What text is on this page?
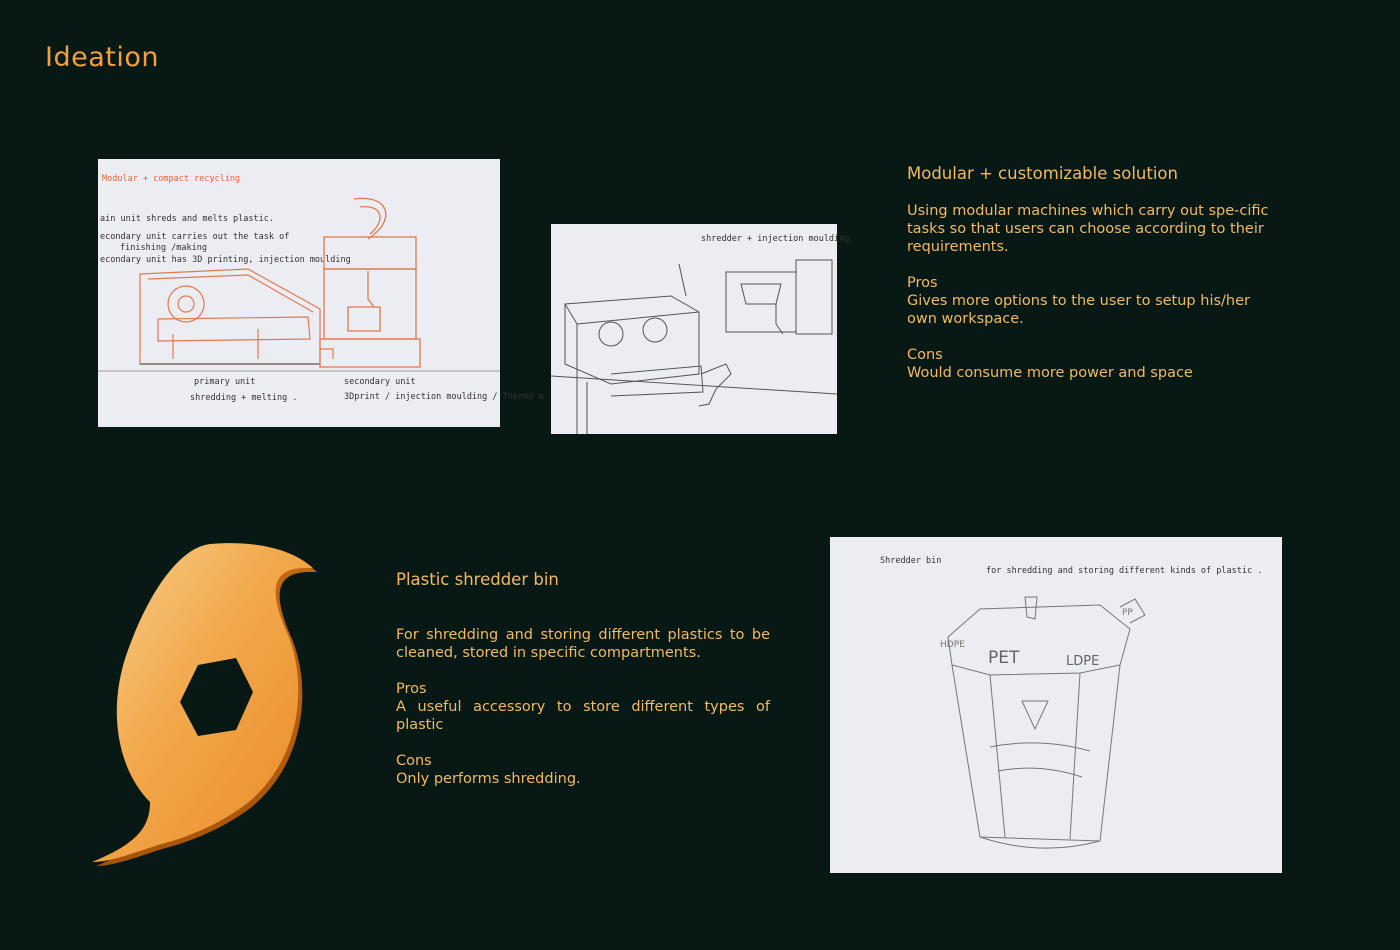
Ideation
Modular + compact recycling
ain unit shreds and melts plastic.
econdary unit carries out the task of
finishing /making
econdary unit has 3D printing, injection moulding
primary unit
shredding + melting .
secondary unit
3Dprint / injection moulding / Thermo m
shredder + injection moulding
Modular + customizable solution

Using modular machines which carry out spe-cific tasks so that users can choose according to their requirements.

Pros
Gives more options to the user to setup his/her own workspace.

Cons
Would consume more power and space

Plastic shredder bin

For shredding and storing different plastics to be cleaned, stored in specific compartments.

Pros
A useful accessory to store different types of plastic

Cons
Only performs shredding.

Shredder bin
for shredding and storing different kinds of plastic .
PET	LDPE
HDPE
PP
